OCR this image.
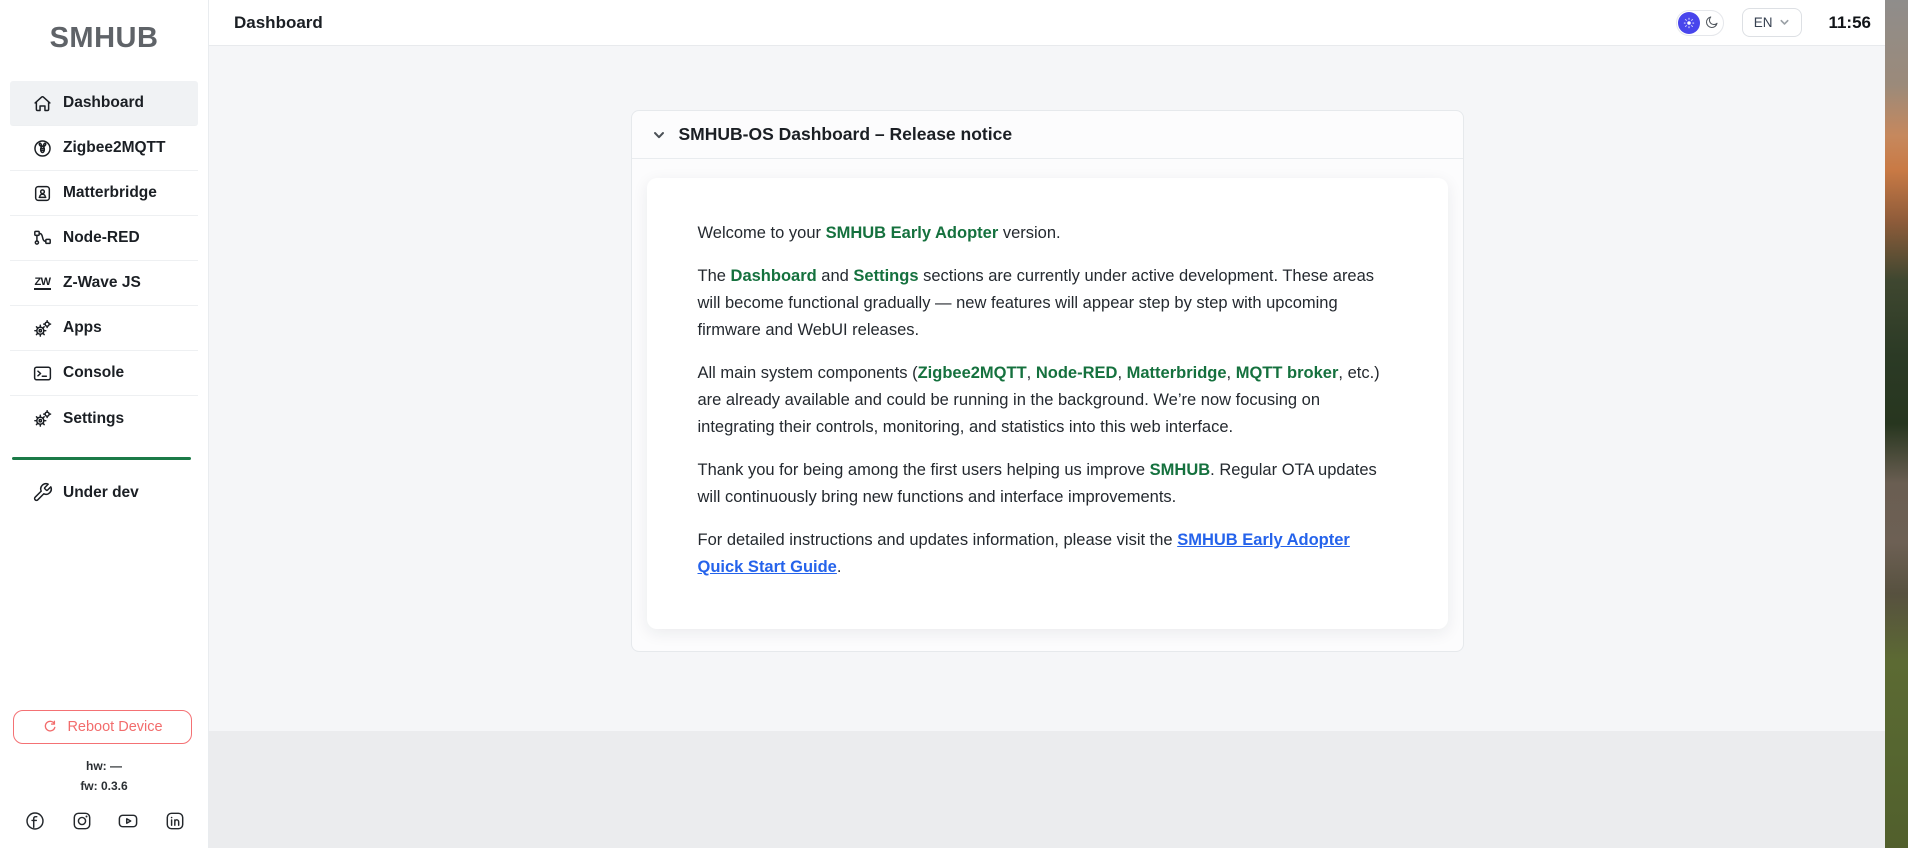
SMHUB
Dashboard
Zigbee2MQTT
Matterbridge
Node-RED
ZW Z-Wave JS
Apps
Console
Settings
Under dev
Reboot Device
hw: —
fw: 0.3.6
Dashboard	EN	11:56
SMHUB-OS Dashboard – Release notice

Welcome to your SMHUB Early Adopter version.

The Dashboard and Settings sections are currently under active development. These areas will become functional gradually — new features will appear step by step with upcoming firmware and WebUI releases.

All main system components (Zigbee2MQTT, Node-RED, Matterbridge, MQTT broker, etc.) are already available and could be running in the background. We’re now focusing on integrating their controls, monitoring, and statistics into this web interface.

Thank you for being among the first users helping us improve SMHUB. Regular OTA updates will continuously bring new functions and interface improvements.

For detailed instructions and updates information, please visit the SMHUB Early Adopter Quick Start Guide.
